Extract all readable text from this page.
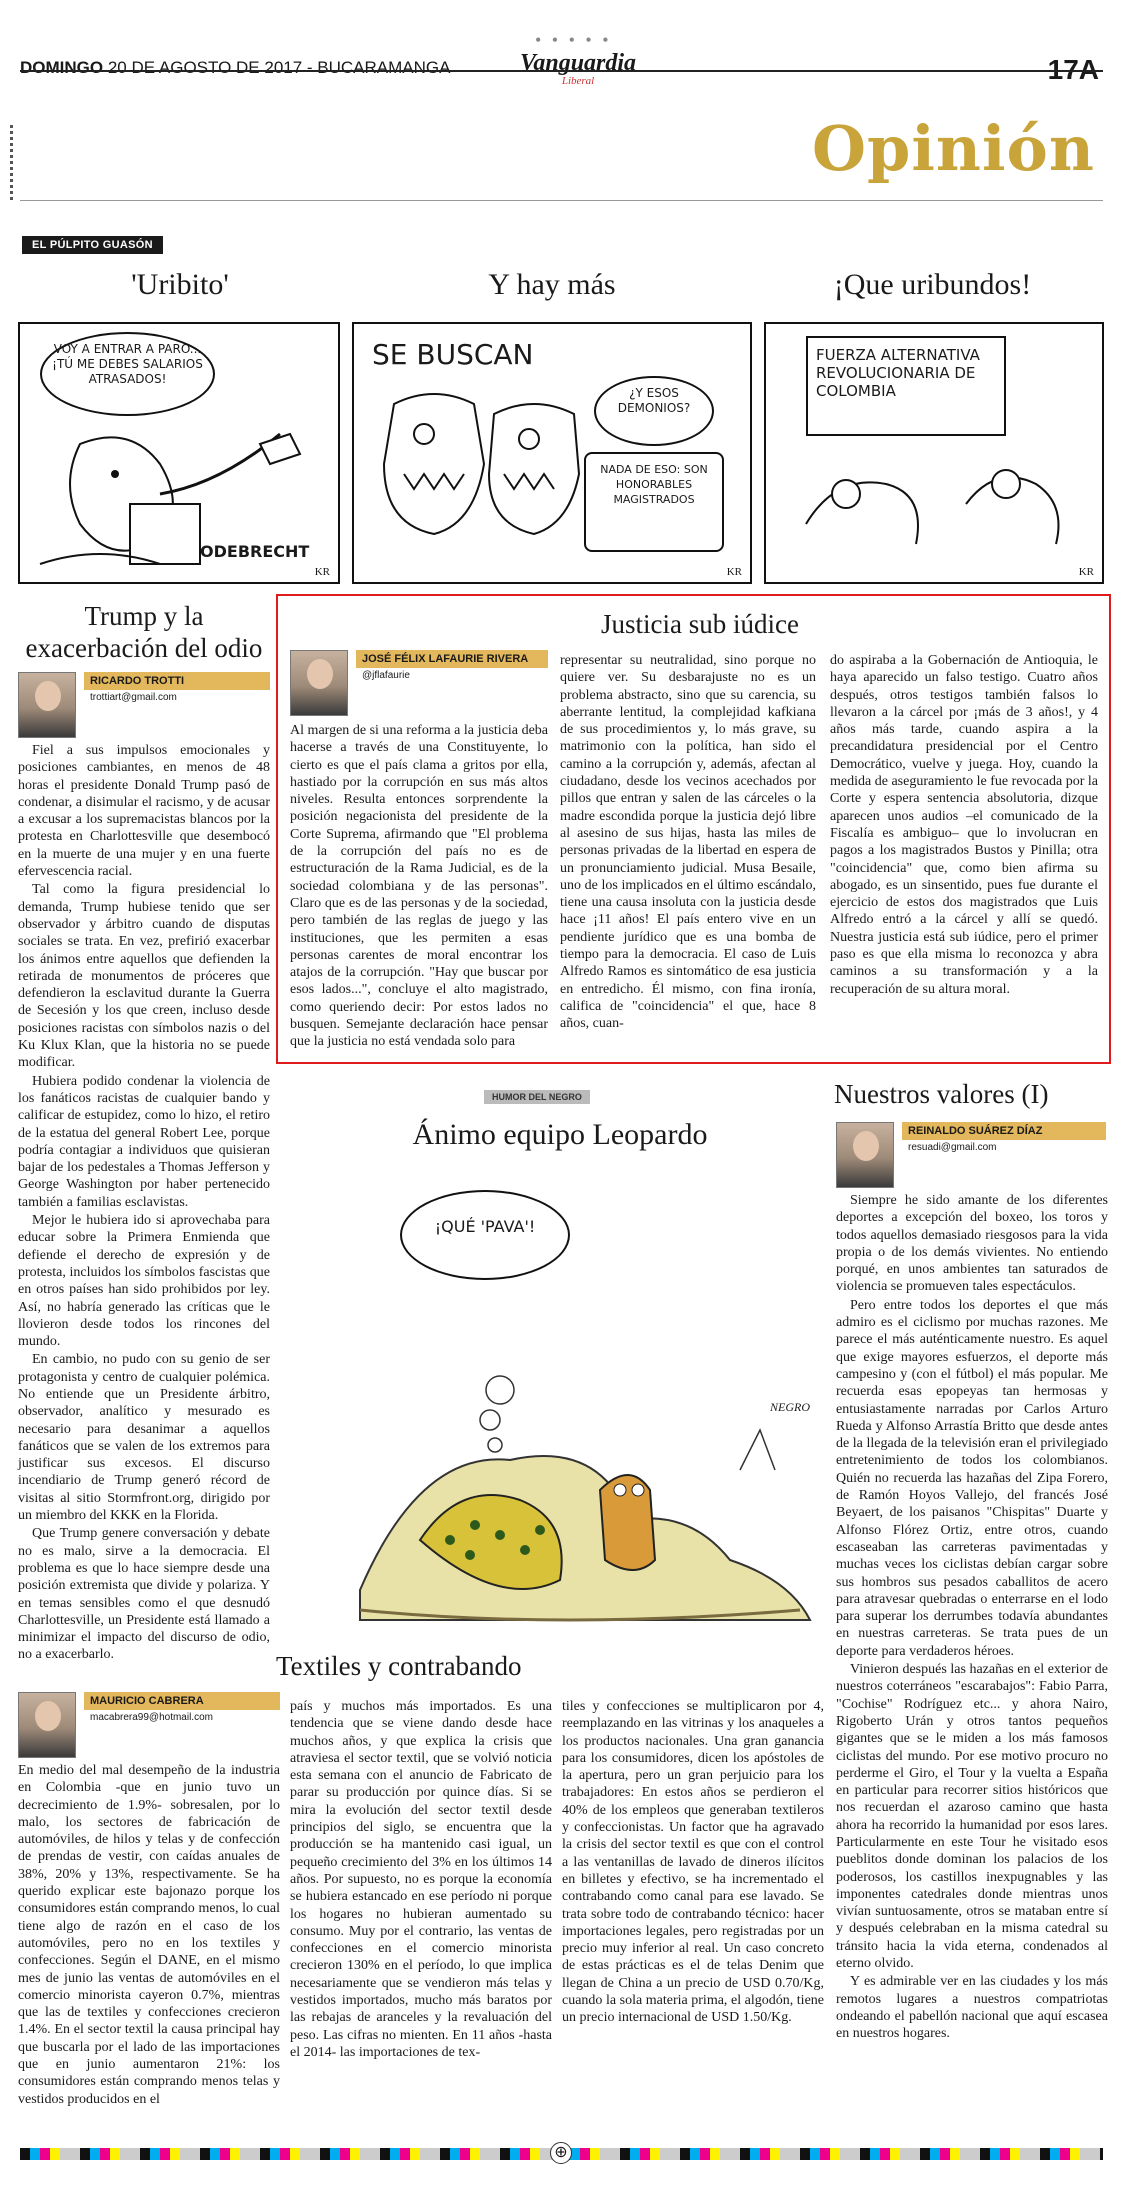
• • • • •
DOMINGO 20 DE AGOSTO DE 2017 - BUCARAMANGA	Vanguardia
Liberal	17A
Opinión
EL PÚLPITO GUASÓN
'Uribito'	Y hay más	¡Que uribundos!
VOY A ENTRAR A PARO... ¡TÚ ME DEBES SALARIOS ATRASADOS!
ODEBRECHT
KR
SE BUSCAN
¿Y ESOS DEMONIOS?
NADA DE ESO: SON HONORABLES MAGISTRADOS
KR
FUERZA ALTERNATIVA REVOLUCIONARIA DE COLOMBIA
KR
Trump y la exacerbación del odio
RICARDO TROTTI
trottiart@gmail.com

Fiel a sus impulsos emocionales y posiciones cambiantes, en menos de 48 horas el presidente Donald Trump pasó de condenar, a disimular el racismo, y de acusar a excusar a los supremacistas blancos por la protesta en Charlottesville que desembocó en la muerte de una mujer y en una fuerte efervescencia racial.

Tal como la figura presidencial lo demanda, Trump hubiese tenido que ser observador y árbitro cuando de disputas sociales se trata. En vez, prefirió exacerbar los ánimos entre aquellos que defienden la retirada de monumentos de próceres que defendieron la esclavitud durante la Guerra de Secesión y los que creen, incluso desde posiciones racistas con símbolos nazis o del Ku Klux Klan, que la historia no se puede modificar.

Hubiera podido condenar la violencia de los fanáticos racistas de cualquier bando y calificar de estupidez, como lo hizo, el retiro de la estatua del general Robert Lee, porque podría contagiar a individuos que quisieran bajar de los pedestales a Thomas Jefferson y George Washington por haber pertenecido también a familias esclavistas.

Mejor le hubiera ido si aprovechaba para educar sobre la Primera Enmienda que defiende el derecho de expresión y de protesta, incluidos los símbolos fascistas que en otros países han sido prohibidos por ley. Así, no habría generado las críticas que le llovieron desde todos los rincones del mundo.

En cambio, no pudo con su genio de ser protagonista y centro de cualquier polémica. No entiende que un Presidente árbitro, observador, analítico y mesurado es necesario para desanimar a aquellos fanáticos que se valen de los extremos para justificar sus excesos. El discurso incendiario de Trump generó récord de visitas al sitio Stormfront.org, dirigido por un miembro del KKK en la Florida.

Que Trump genere conversación y debate no es malo, sirve a la democracia. El problema es que lo hace siempre desde una posición extremista que divide y polariza. Y en temas sensibles como el que desnudó Charlottesville, un Presidente está llamado a minimizar el impacto del discurso de odio, no a exacerbarlo.

Justicia sub iúdice
JOSÉ FÉLIX LAFAURIE RIVERA
@jflafaurie
Al margen de si una reforma a la justicia deba hacerse a través de una Constituyente, lo cierto es que el país clama a gritos por ella, hastiado por la corrupción en sus más altos niveles. Resulta entonces sorprendente la posición negacionista del presidente de la Corte Suprema, afirmando que "El problema de la corrupción del país no es de estructuración de la Rama Judicial, es de la sociedad colombiana y de las personas". Claro que es de las personas y de la sociedad, pero también de las reglas de juego y las instituciones, que les permiten a esas personas carentes de moral encontrar los atajos de la corrupción. "Hay que buscar por esos lados...", concluye el alto magistrado, como queriendo decir: Por estos lados no busquen. Semejante declaración hace pensar que la justicia no está vendada solo para
representar su neutralidad, sino porque no quiere ver. Su desbarajuste no es un problema abstracto, sino que su carencia, su aberrante lentitud, la complejidad kafkiana de sus procedimientos y, lo más grave, su matrimonio con la política, han sido el camino a la corrupción y, además, afectan al ciudadano, desde los vecinos acechados por pillos que entran y salen de las cárceles o la madre escondida porque la justicia dejó libre al asesino de sus hijas, hasta las miles de personas privadas de la libertad en espera de un pronunciamiento judicial. Musa Besaile, uno de los implicados en el último escándalo, tiene una causa insoluta con la justicia desde hace ¡11 años! El país entero vive en un pendiente jurídico que es una bomba de tiempo para la democracia. El caso de Luis Alfredo Ramos es sintomático de esa justicia en entredicho. Él mismo, con fina ironía, califica de "coincidencia" el que, hace 8 años, cuan-
do aspiraba a la Gobernación de Antioquia, le haya aparecido un falso testigo. Cuatro años después, otros testigos también falsos lo llevaron a la cárcel por ¡más de 3 años!, y 4 años más tarde, cuando aspira a la precandidatura presidencial por el Centro Democrático, vuelve y juega. Hoy, cuando la medida de aseguramiento le fue revocada por la Corte y espera sentencia absolutoria, dizque aparecen unos audios –el comunicado de la Fiscalía es ambiguo– que lo involucran en pagos a los magistrados Bustos y Pinilla; otra "coincidencia" que, como bien afirma su abogado, es un sinsentido, pues fue durante el ejercicio de estos dos magistrados que Luis Alfredo entró a la cárcel y allí se quedó. Nuestra justicia está sub iúdice, pero el primer paso es que ella misma lo reconozca y abra caminos a su transformación y a la recuperación de su altura moral.
HUMOR DEL NEGRO
Ánimo equipo Leopardo
¡QUÉ 'PAVA'!
NEGRO
Nuestros valores (I)
REINALDO SUÁREZ DÍAZ
resuadi@gmail.com

Siempre he sido amante de los diferentes deportes a excepción del boxeo, los toros y todos aquellos demasiado riesgosos para la vida propia o de los demás vivientes. No entiendo porqué, en unos ambientes tan saturados de violencia se promueven tales espectáculos.

Pero entre todos los deportes el que más admiro es el ciclismo por muchas razones. Me parece el más auténticamente nuestro. Es aquel que exige mayores esfuerzos, el deporte más campesino y (con el fútbol) el más popular. Me recuerda esas epopeyas tan hermosas y entusiastamente narradas por Carlos Arturo Rueda y Alfonso Arrastía Britto que desde antes de la llegada de la televisión eran el privilegiado entretenimiento de todos los colombianos. Quién no recuerda las hazañas del Zipa Forero, de Ramón Hoyos Vallejo, del francés José Beyaert, de los paisanos "Chispitas" Duarte y Alfonso Flórez Ortiz, entre otros, cuando escaseaban las carreteras pavimentadas y muchas veces los ciclistas debían cargar sobre sus hombros sus pesados caballitos de acero para atravesar quebradas o enterrarse en el lodo para superar los derrumbes todavía abundantes en nuestras carreteras. Se trata pues de un deporte para verdaderos héroes.

Vinieron después las hazañas en el exterior de nuestros coterráneos "escarabajos": Fabio Parra, "Cochise" Rodríguez etc... y ahora Nairo, Rigoberto Urán y otros tantos pequeños gigantes que se le miden a los más famosos ciclistas del mundo. Por ese motivo procuro no perderme el Giro, el Tour y la vuelta a España en particular para recorrer sitios históricos que nos recuerdan el azaroso camino que hasta ahora ha recorrido la humanidad por esos lares. Particularmente en este Tour he visitado esos pueblitos donde dominan los palacios de los poderosos, los castillos inexpugnables y las imponentes catedrales donde mientras unos vivían suntuosamente, otros se mataban entre sí y después celebraban en la misma catedral su tránsito hacia la vida eterna, condenados al eterno olvido.

Y es admirable ver en las ciudades y los más remotos lugares a nuestros compatriotas ondeando el pabellón nacional que aquí escasea en nuestros hogares.

Textiles y contrabando
MAURICIO CABRERA
macabrera99@hotmail.com
En medio del mal desempeño de la industria en Colombia -que en junio tuvo un decrecimiento de 1.9%- sobresalen, por lo malo, los sectores de fabricación de automóviles, de hilos y telas y de confección de prendas de vestir, con caídas anuales de 38%, 20% y 13%, respectivamente. Se ha querido explicar este bajonazo porque los consumidores están comprando menos, lo cual tiene algo de razón en el caso de los automóviles, pero no en los textiles y confecciones. Según el DANE, en el mismo mes de junio las ventas de automóviles en el comercio minorista cayeron 0.7%, mientras que las de textiles y confecciones crecieron 1.4%. En el sector textil la causa principal hay que buscarla por el lado de las importaciones que en junio aumentaron 21%: los consumidores están comprando menos telas y vestidos producidos en el
país y muchos más importados. Es una tendencia que se viene dando desde hace muchos años, y que explica la crisis que atraviesa el sector textil, que se volvió noticia esta semana con el anuncio de Fabricato de parar su producción por quince días. Si se mira la evolución del sector textil desde principios del siglo, se encuentra que la producción se ha mantenido casi igual, un pequeño crecimiento del 3% en los últimos 14 años. Por supuesto, no es porque la economía se hubiera estancado en ese período ni porque los hogares no hubieran aumentado su consumo. Muy por el contrario, las ventas de confecciones en el comercio minorista crecieron 130% en el período, lo que implica necesariamente que se vendieron más telas y vestidos importados, mucho más baratos por las rebajas de aranceles y la revaluación del peso. Las cifras no mienten. En 11 años -hasta el 2014- las importaciones de tex-
tiles y confecciones se multiplicaron por 4, reemplazando en las vitrinas y los anaqueles a los productos nacionales. Una gran ganancia para los consumidores, dicen los apóstoles de la apertura, pero un gran perjuicio para los trabajadores: En estos años se perdieron el 40% de los empleos que generaban textileros y confeccionistas. Un factor que ha agravado la crisis del sector textil es que con el control a las ventanillas de lavado de dineros ilícitos en billetes y efectivo, se ha incrementado el contrabando como canal para ese lavado. Se trata sobre todo de contrabando técnico: hacer importaciones legales, pero registradas por un precio muy inferior al real. Un caso concreto de estas prácticas es el de telas Denim que llegan de China a un precio de USD 0.70/Kg, cuando la sola materia prima, el algodón, tiene un precio internacional de USD 1.50/Kg.
⊕
